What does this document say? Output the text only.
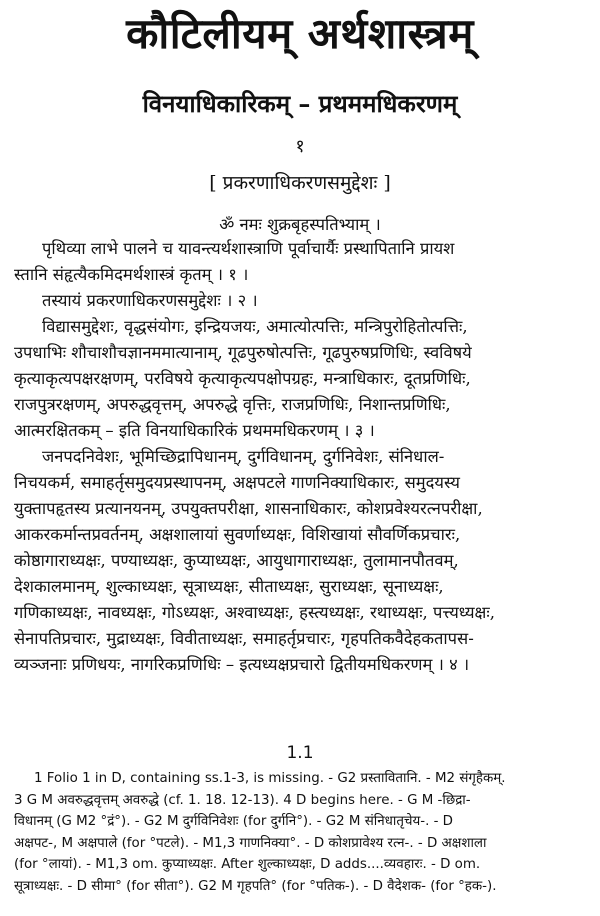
कौटिलीयम् अर्थशास्त्रम्
विनयाधिकारिकम् – प्रथममधिकरणम्
१
[ प्रकरणाधिकरणसमुद्देशः ]
ॐ नमः शुक्रबृहस्पतिभ्याम् ।
पृथिव्या लाभे पालने च यावन्त्यर्थशास्त्राणि पूर्वाचार्यैः प्रस्थापितानि प्रायश
स्तानि संहृत्यैकमिदमर्थशास्त्रं कृतम् । १ ।
तस्यायं प्रकरणाधिकरणसमुद्देशः । २ ।
विद्यासमुद्देशः, वृद्धसंयोगः, इन्द्रियजयः, अमात्योत्पत्तिः, मन्त्रिपुरोहितोत्पत्तिः,
उपधाभिः शौचाशौचज्ञानममात्यानाम्, गूढपुरुषोत्पत्तिः, गूढपुरुषप्रणिधिः, स्वविषये
कृत्याकृत्यपक्षरक्षणम्, परविषये कृत्याकृत्यपक्षोपग्रहः, मन्त्राधिकारः, दूतप्रणिधिः,
राजपुत्ररक्षणम्, अपरुद्धवृत्तम्, अपरुद्धे वृत्तिः, राजप्रणिधिः, निशान्तप्रणिधिः,
आत्मरक्षितकम् – इति विनयाधिकारिकं प्रथममधिकरणम् । ३ ।
जनपदनिवेशः, भूमिच्छिद्रापिधानम्, दुर्गविधानम्, दुर्गनिवेशः, संनिधाल-
निचयकर्म, समाहर्तृसमुदयप्रस्थापनम्, अक्षपटले गाणनिक्याधिकारः, समुदयस्य
युक्तापहृतस्य प्रत्यानयनम्, उपयुक्तपरीक्षा, शासनाधिकारः, कोशप्रवेश्यरत्नपरीक्षा,
आकरकर्मान्तप्रवर्तनम्, अक्षशालायां सुवर्णाध्यक्षः, विशिखायां सौवर्णिकप्रचारः,
कोष्ठागाराध्यक्षः, पण्याध्यक्षः, कुप्याध्यक्षः, आयुधागाराध्यक्षः, तुलामानपौतवम्,
देशकालमानम्, शुल्काध्यक्षः, सूत्राध्यक्षः, सीताध्यक्षः, सुराध्यक्षः, सूनाध्यक्षः,
गणिकाध्यक्षः, नावध्यक्षः, गोऽध्यक्षः, अश्वाध्यक्षः, हस्त्यध्यक्षः, रथाध्यक्षः, पत्त्यध्यक्षः,
सेनापतिप्रचारः, मुद्राध्यक्षः, विवीताध्यक्षः, समाहर्तृप्रचारः, गृहपतिकवैदेहकतापस-
व्यञ्जनाः प्रणिधयः, नागरिकप्रणिधिः – इत्यध्यक्षप्रचारो द्वितीयमधिकरणम् । ४ ।
1.1
1 Folio 1 in D, containing ss.1-3, is missing. - G2 प्रस्तावितानि. - M2 संगृहैकम्.
3 G M अवरुद्धवृत्तम् अवरुद्धे (cf. 1. 18. 12-13). 4 D begins here. - G M -छिद्रा-
विधानम् (G M2 °द्रं°). - G2 M दुर्गविनिवेशः (for दुर्गनि°). - G2 M संनिधातृचेय-. - D
अक्षपट-, M अक्षपाले (for °पटले). - M1,3 गाणनिक्या°. - D कोशप्रावेश्य रत्न-. - D अक्षशाला
(for °लायां). - M1,3 om. कुप्याध्यक्षः. After शुल्काध्यक्षः, D adds....व्यवहारः. - D om.
सूत्राध्यक्षः. - D सीमा° (for सीता°). G2 M गृहपति° (for °पतिक-). - D वैदेशक- (for °हक-).
